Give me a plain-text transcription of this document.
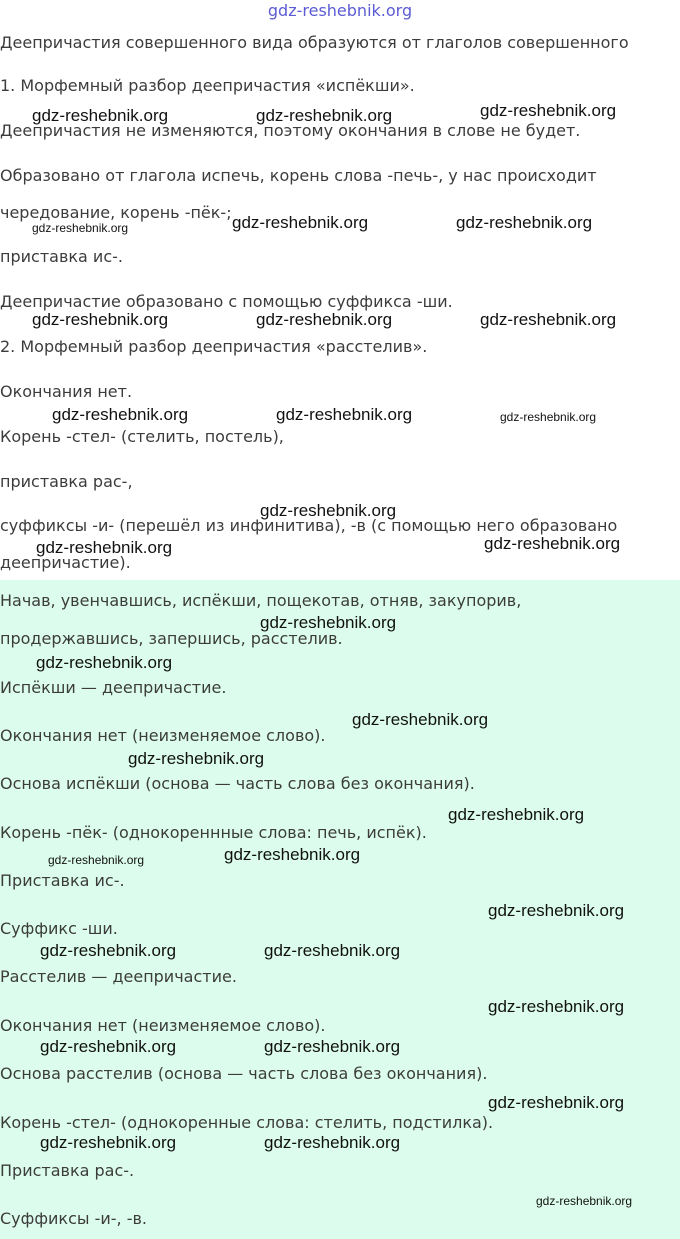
gdz-reshebnik.org
Деепричастия совершенного вида образуются от глаголов совершенного
1. Морфемный разбор деепричастия «испёкши».
Деепричастия не изменяются, поэтому окончания в слове не будет.
Образовано от глагола испечь, корень слова -печь-, у нас происходит
чередование, корень -пёк-;
приставка ис-.
Деепричастие образовано с помощью суффикса -ши.
2. Морфемный разбор деепричастия «расстелив».
Окончания нет.
Корень -стел- (стелить, постель),
приставка рас-,
суффиксы -и- (перешёл из инфинитива), -в (с помощью него образовано
деепричастие).
Начав, увенчавшись, испёкши, пощекотав, отняв, закупорив,
продержавшись, заперши‌сь, расстелив.
Испёкши — деепричастие.
Окончания нет (неизменяемое слово).
Основа испёкши (основа — часть слова без окончания).
Корень -пёк- (однокореннные слова: печь, испёк).
Приставка ис-.
Суффикс -ши.
Расстелив — деепричастие.
Окончания нет (неизменяемое слово).
Основа расстелив (основа — часть слова без окончания).
Корень -стел- (однокоренные слова: стелить, подстилка).
Приставка рас-.
Суффиксы -и-, -в.
gdz-reshebnik.org	gdz-reshebnik.org	gdz-reshebnik.org
gdz-reshebnik.org	gdz-reshebnik.org	gdz-reshebnik.org
gdz-reshebnik.org	gdz-reshebnik.org	gdz-reshebnik.org
gdz-reshebnik.org	gdz-reshebnik.org	gdz-reshebnik.org
gdz-reshebnik.org
gdz-reshebnik.org	gdz-reshebnik.org
gdz-reshebnik.org
gdz-reshebnik.org
gdz-reshebnik.org
gdz-reshebnik.org
gdz-reshebnik.org
gdz-reshebnik.org	gdz-reshebnik.org
gdz-reshebnik.org
gdz-reshebnik.org	gdz-reshebnik.org
gdz-reshebnik.org
gdz-reshebnik.org	gdz-reshebnik.org
gdz-reshebnik.org
gdz-reshebnik.org	gdz-reshebnik.org
gdz-reshebnik.org
